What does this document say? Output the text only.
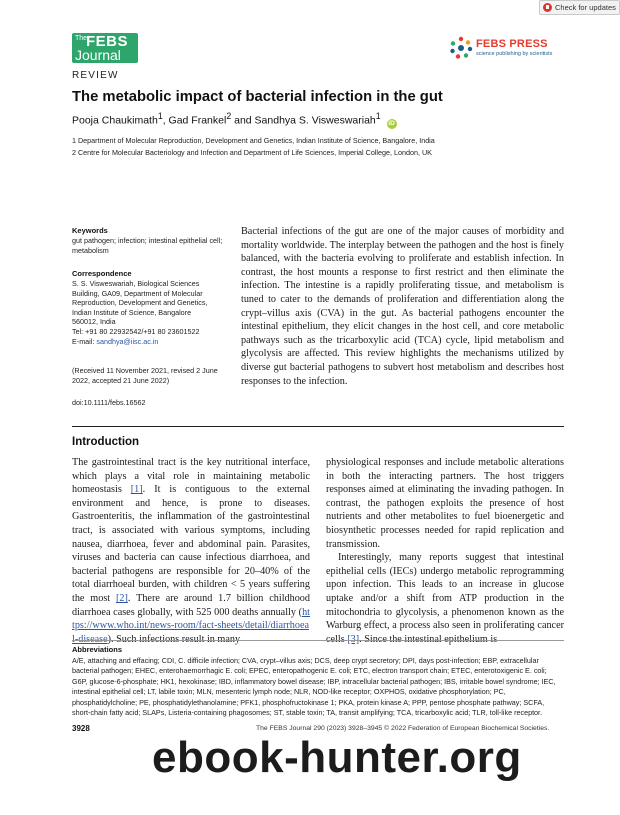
Check for updates
The
FEBS
Journal
FEBS PRESS
science publishing by scientists
REVIEW
The metabolic impact of bacterial infection in the gut
Pooja Chaukimath$^1$, Gad Frankel$^2$ and Sandhya S. Visweswariah$^1$ iD
1 Department of Molecular Reproduction, Development and Genetics, Indian Institute of Science, Bangalore, India
2 Centre for Molecular Bacteriology and Infection and Department of Life Sciences, Imperial College, London, UK
Keywords
gut pathogen; infection; intestinal epithelial cell; metabolism
Correspondence
S. S. Visweswariah, Biological Sciences
Building, GA09, Department of Molecular
Reproduction, Development and Genetics,
Indian Institute of Science, Bangalore
560012, India
Tel: +91 80 22932542/+91 80 23601522
E-mail: sandhya@iisc.ac.in
(Received 11 November 2021, revised 2 June 2022, accepted 21 June 2022)
doi:10.1111/febs.16562
Bacterial infections of the gut are one of the major causes of morbidity and mortality worldwide. The interplay between the pathogen and the host is finely balanced, with the bacteria evolving to proliferate and establish infection. In contrast, the host mounts a response to first restrict and then eliminate the infection. The intestine is a rapidly proliferating tissue, and metabolism is tuned to cater to the demands of proliferation and differentiation along the crypt–villus axis (CVA) in the gut. As bacterial pathogens encounter the intestinal epithelium, they elicit changes in the host cell, and core metabolic pathways such as the tricarboxylic acid (TCA) cycle, lipid metabolism and glycolysis are affected. This review highlights the mechanisms utilized by diverse gut bacterial pathogens to subvert host metabolism and describes host responses to the infection.
Introduction

The gastrointestinal tract is the key nutritional interface, which plays a vital role in maintaining metabolic homeostasis [1]. It is contiguous to the external environment and hence, is prone to diseases. Gastroenteritis, the inflammation of the gastrointestinal tract, is associated with various symptoms, including nausea, diarrhoea, fever and abdominal pain. Parasites, viruses and bacteria can cause infectious diarrhoea, and bacterial pathogens are responsible for 20–40% of the total diarrhoeal burden, with children < 5 years suffering the most [2]. There are around 1.7 billion childhood diarrhoea cases globally, with 525 000 deaths annually (https://www.who.int/news-room/fact-sheets/detail/diarrhoeal-disease). Such infections result in many

physiological responses and include metabolic alterations in both the interacting partners. The host triggers responses aimed at eliminating the invading pathogen. In contrast, the pathogen exploits the presence of host nutrients and other metabolites to fuel bioenergetic and biosynthetic processes needed for rapid replication and transmission.

Interestingly, many reports suggest that intestinal epithelial cells (IECs) undergo metabolic reprogramming upon infection. This leads to an increase in glucose uptake and/or a shift from ATP production in the mitochondria to glycolysis, a phenomenon known as the Warburg effect, a process also seen in proliferating cancer cells [3]. Since the intestinal epithelium is

Abbreviations
A/E, attaching and effacing; CDI, C. difficile infection; CVA, crypt–villus axis; DCS, deep crypt secretory; DPI, days post-infection; EBP, extracellular bacterial pathogen; EHEC, enterohaemorrhagic E. coli; EPEC, enteropathogenic E. coli; ETC, electron transport chain; ETEC, enterotoxigenic E. coli; G6P, glucose-6-phosphate; HK1, hexokinase; IBD, inflammatory bowel disease; IBP, intracellular bacterial pathogen; IBS, irritable bowel syndrome; IEC, intestinal epithelial cell; LT, labile toxin; MLN, mesenteric lymph node; NLR, NOD-like receptor; OXPHOS, oxidative phosphorylation; PC, phosphatidylcholine; PE, phosphatidylethanolamine; PFK1, phosphofructokinase 1; PKA, protein kinase A; PPP, pentose phosphate pathway; SCFA, short-chain fatty acid; SLAPs, Listeria-containing phagosomes; ST, stable toxin; TA, transit amplifying; TCA, tricarboxylic acid; TLR, toll-like receptor.
3928	The FEBS Journal 290 (2023) 3928–3945 © 2022 Federation of European Biochemical Societies.
ebook-hunter.org
